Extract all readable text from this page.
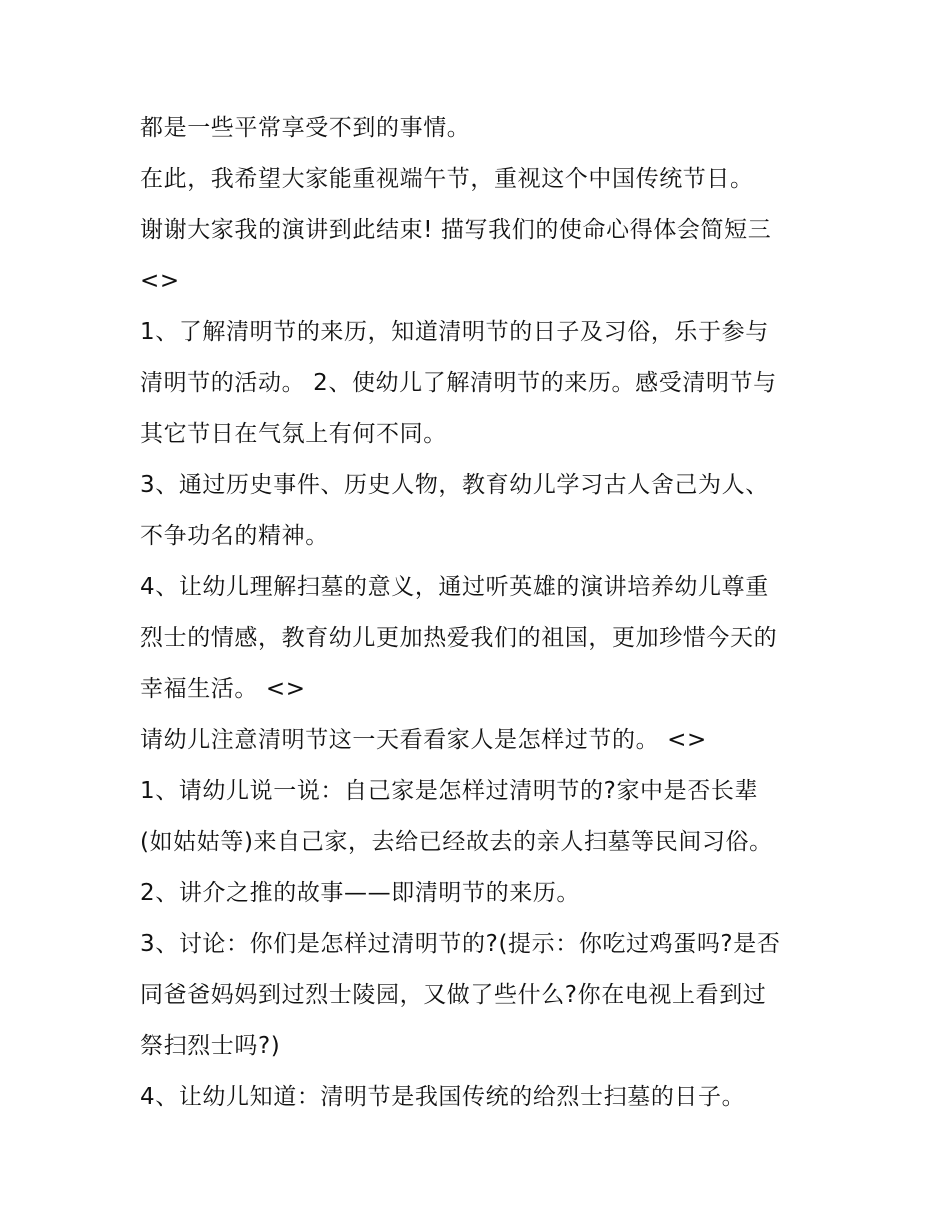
都是一些平常享受不到的事情。
在此，我希望大家能重视端午节，重视这个中国传统节日。
谢谢大家我的演讲到此结束! 描写我们的使命心得体会简短三
<>
1、了解清明节的来历，知道清明节的日子及习俗，乐于参与
清明节的活动。 2、使幼儿了解清明节的来历。感受清明节与
其它节日在气氛上有何不同。
3、通过历史事件、历史人物，教育幼儿学习古人舍己为人、
不争功名的精神。
4、让幼儿理解扫墓的意义，通过听英雄的演讲培养幼儿尊重
烈士的情感，教育幼儿更加热爱我们的祖国，更加珍惜今天的
幸福生活。 <>
请幼儿注意清明节这一天看看家人是怎样过节的。 <>
1、请幼儿说一说：自己家是怎样过清明节的?家中是否长辈
(如姑姑等)来自己家，去给已经故去的亲人扫墓等民间习俗。
2、讲介之推的故事——即清明节的来历。
3、讨论：你们是怎样过清明节的?(提示：你吃过鸡蛋吗?是否
同爸爸妈妈到过烈士陵园，又做了些什么?你在电视上看到过
祭扫烈士吗?)
4、让幼儿知道：清明节是我国传统的给烈士扫墓的日子。
